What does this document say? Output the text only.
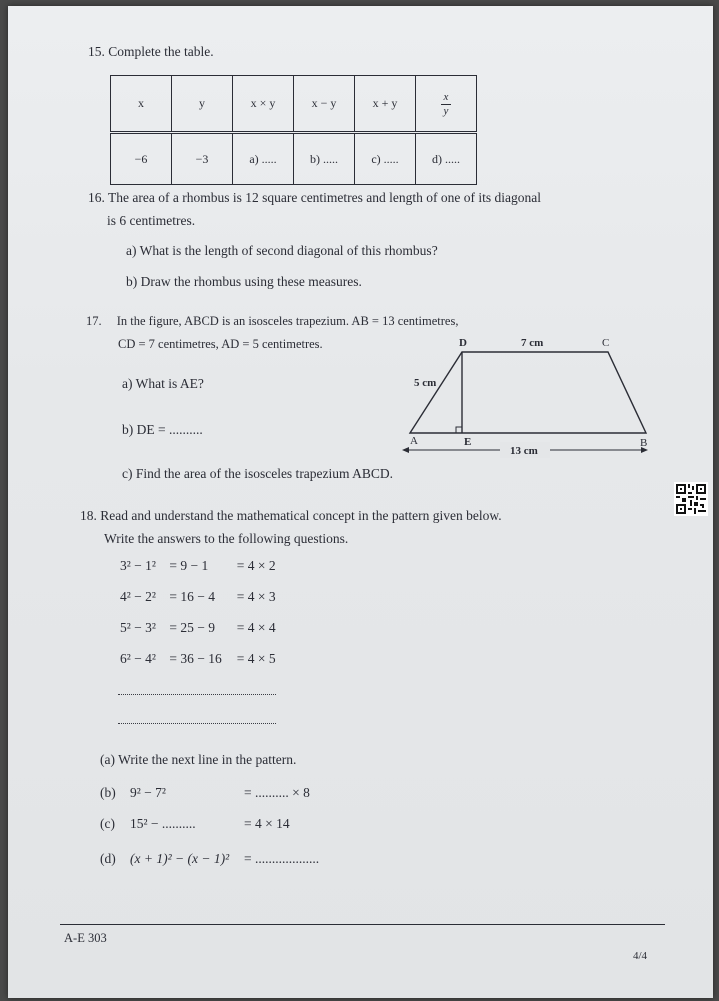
15. Complete the table.
x	y	x × y	x − y	x + y	$\frac{x}{y}$

−6	−3	a) .....	b) .....	c) .....	d) .....
16. The area of a rhombus is 12 square centimetres and length of one of its diagonal
is 6 centimetres.
a) What is the length of second diagonal of this rhombus?
b) Draw the rhombus using these measures.
17. In the figure, ABCD is an isosceles trapezium. AB = 13 centimetres,
CD = 7 centimetres, AD = 5 centimetres.
a) What is AE?
b) DE = ..........
c) Find the area of the isosceles trapezium ABCD.
D	7 cm	C
5 cm
A	E	B
13 cm
18. Read and understand the mathematical concept in the pattern given below.
Write the answers to the following questions.
3² − 1² = 9 − 1 = 4 × 2
4² − 2² = 16 − 4 = 4 × 3
5² − 3² = 25 − 9 = 4 × 4
6² − 4² = 36 − 16 = 4 × 5
(a) Write the next line in the pattern.
(b) 9² − 7²	= .......... × 8
(c) 15² − ..........	= 4 × 14
(d) (x + 1)² − (x − 1)² = ...................
A-E 303
4/4
